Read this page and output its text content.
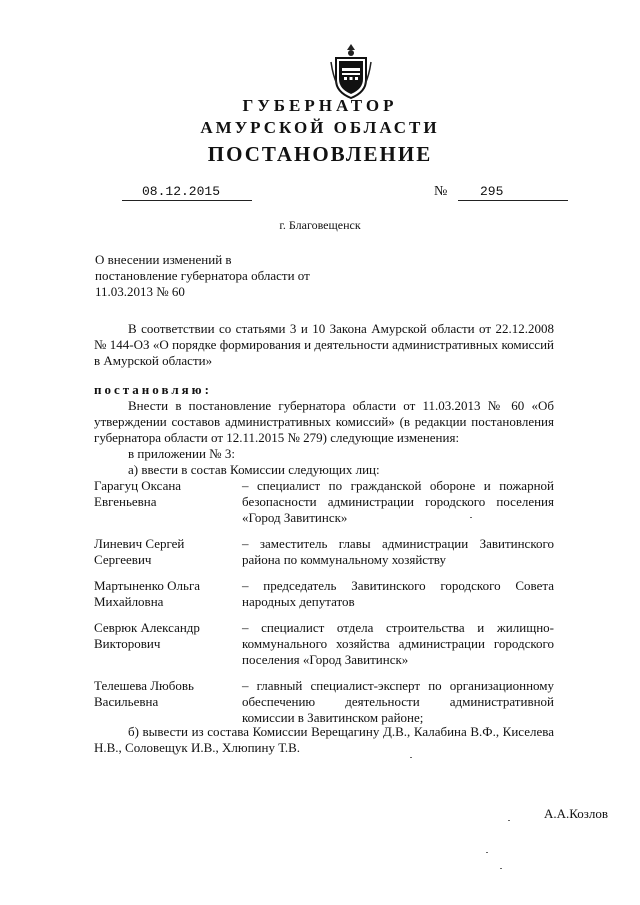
ГУБЕРНАТОР
АМУРСКОЙ ОБЛАСТИ
ПОСТАНОВЛЕНИЕ
08.12.2015	№	295
г. Благовещенск
О внесении изменений в постановление губернатора области от 11.03.2013 № 60
В соответствии со статьями 3 и 10 Закона Амурской области от 22.12.2008 № 144-ОЗ «О порядке формирования и деятельности административных комиссий в Амурской области»
постановляю:
Внести в постановление губернатора области от 11.03.2013 № 60 «Об утверждении составов административных комиссий» (в редакции постановления губернатора области от 12.11.2015 № 279) следующие изменения:
в приложении № 3:
а) ввести в состав Комиссии следующих лиц:
Гарагуц Оксана Евгеньевна
– специалист по гражданской обороне и пожарной безопасности администрации городского поселения «Город Завитинск»
Линевич Сергей Сергеевич
– заместитель главы администрации Завитинского района по коммунальному хозяйству
Мартыненко Ольга Михайловна
– председатель Завитинского городского Совета народных депутатов
Севрюк Александр Викторович
– специалист отдела строительства и жилищно-коммунального хозяйства администрации городского поселения «Город Завитинск»
Телешева Любовь Васильевна
– главный специалист-эксперт по организационному обеспечению деятельности административной комиссии в Завитинском районе;
б) вывести из состава Комиссии Верещагину Д.В., Калабина В.Ф., Киселева Н.В., Соловещук И.В., Хлюпину Т.В.
А.А.Козлов
